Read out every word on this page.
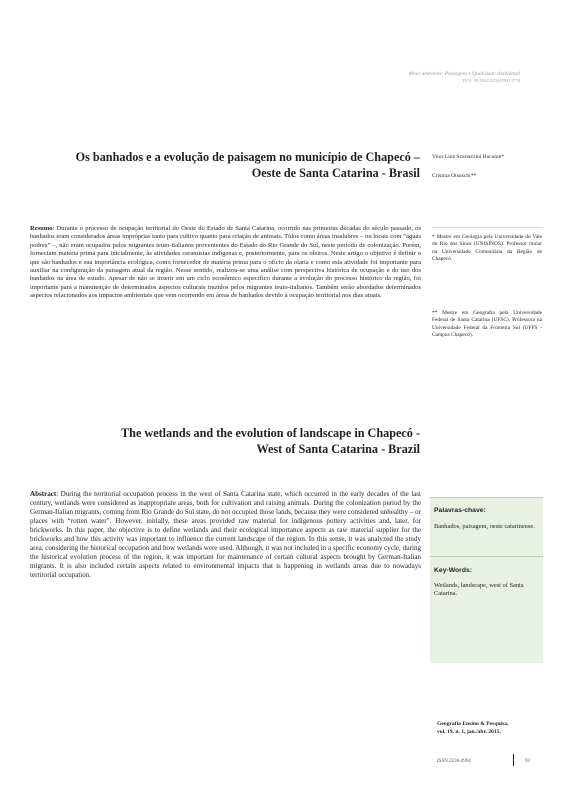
Meio ambiente, Paisagem e Qualidade Ambiental
DOI: 10.5902/2236499413774
Os banhados e a evolução de paisagem no município de Chapecó –
Oeste de Santa Catarina - Brasil
Vitor Luiz Scartazzini Bocalon*
Cristina Otsuschi**
Resumo: Durante o processo de ocupação territorial do Oeste do Estado de Santa Catarina, ocorrido nas primeiras décadas do século passado, os banhados eram considerados áreas impróprias tanto para cultivo quanto para criação de animais. Tidos como áreas insalubres – ou locais com “águas podres” –, não eram ocupados pelos migrantes teuto-italianos provenientes do Estado do Rio Grande do Sul, neste período de colonização. Porém, forneciam matéria prima para inicialmente, às atividades ceramistas indígenas e, posteriormente, para os oleiros. Neste artigo o objetivo é definir o que são banhados e sua importância ecológica, como fornecedor de matéria prima para o ofício da olaria e como esta atividade foi importante para auxiliar na configuração da paisagem atual da região. Nesse sentido, realizou-se uma análise com perspectiva histórica de ocupação e do uso dos banhados na área de estudo. Apesar de não se inserir em um ciclo econômico específico durante a evolução do processo histórico da região, foi importante para a manutenção de determinados aspectos culturais trazidos pelos migrantes teuto-italianos. Também serão abordados determinados aspectos relacionados aos impactos ambientais que vem ocorrendo em áreas de banhados devido à ocupação territorial nos dias atuais.
* Mestre em Geologia pela Universidade do Vale do Rio dos Sinos (UNISINOS). Professor titular na Universidade Comunitária da Região de Chapecó.
** Mestre em Geografia pela Universidade Federal de Santa Catarina (UFSC). Professora na Universidade Federal da Fronteira Sul (UFFS - Campus Chapecó).
The wetlands and the evolution of landscape in Chapecó -
West of Santa Catarina - Brazil
Abstract: During the territorial occupation process in the west of Santa Catarina state, which occurred in the early decades of the last century, wetlands were considered as inappropriate areas, both for cultivation and raising animals. During the colonization period by the German-Italian migrants, coming from Rio Grande do Sul state, do not occupied those lands, because they were considered unhealthy – or places with “rotten water”. However, initially, these areas provided raw material for indigenous pottery activities and, later, for brickworks. In this paper, the objective is to define wetlands and their ecological importance aspects as raw material supplier for the brickworks and how this activity was important to influence the current landscape of the region. In this sense, it was analyzed the study area, considering the historical occupation and how wetlands were used. Although, it was not included in a specific economy cycle, during the historical evolution process of the region, it was important for maintenance of certain cultural aspects brought by German-Italian migrants. It is also included certain aspects related to environmental impacts that is happening in wetlands areas due to nowadays territorial occupation.
Palavras-chave:
Banhados, paisagem, oeste catarinense.
Key-Words:
Wetlands, landscape, west of Santa Catarina.
Geografia Ensino & Pesquisa,
vol. 19, n. 1, jan./abr. 2015.
ISSN 2236-4994	93
